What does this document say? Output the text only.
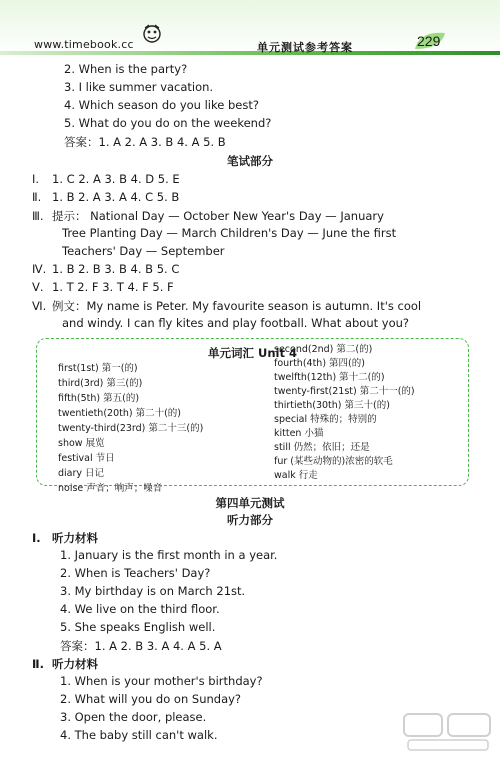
www.timebook.cc	单元测试参考答案	229
2. When is the party?
3. I like summer vacation.
4. Which season do you like best?
5. What do you do on the weekend?
答案：1. A 2. A 3. B 4. A 5. B
笔试部分
Ⅰ. 1. C 2. A 3. B 4. D 5. E
Ⅱ. 1. B 2. A 3. A 4. C 5. B
Ⅲ. 提示： National Day — October New Year's Day — January
Tree Planting Day — March Children's Day — June the first
Teachers' Day — September
Ⅳ. 1. B 2. B 3. B 4. B 5. C
Ⅴ. 1. T 2. F 3. T 4. F 5. F
Ⅵ. 例文：My name is Peter. My favourite season is autumn. It's cool
and windy. I can fly kites and play football. What about you?
单元词汇 Unit 4
first(1st) 第一(的)
third(3rd) 第三(的)
fifth(5th) 第五(的)
twentieth(20th) 第二十(的)
twenty-third(23rd) 第二十三(的)
show 展览
festival 节日
diary 日记
noise 声音；响声；噪音
second(2nd) 第二(的)
fourth(4th) 第四(的)
twelfth(12th) 第十二(的)
twenty-first(21st) 第二十一(的)
thirtieth(30th) 第三十(的)
special 特殊的；特别的
kitten 小猫
still 仍然；依旧；还是
fur (某些动物的)浓密的软毛
walk 行走
第四单元测试
听力部分
Ⅰ. 听力材料
1. January is the first month in a year.
2. When is Teachers' Day?
3. My birthday is on March 21st.
4. We live on the third floor.
5. She speaks English well.
答案：1. A 2. B 3. A 4. A 5. A
Ⅱ. 听力材料
1. When is your mother's birthday?
2. What will you do on Sunday?
3. Open the door, please.
4. The baby still can't walk.
